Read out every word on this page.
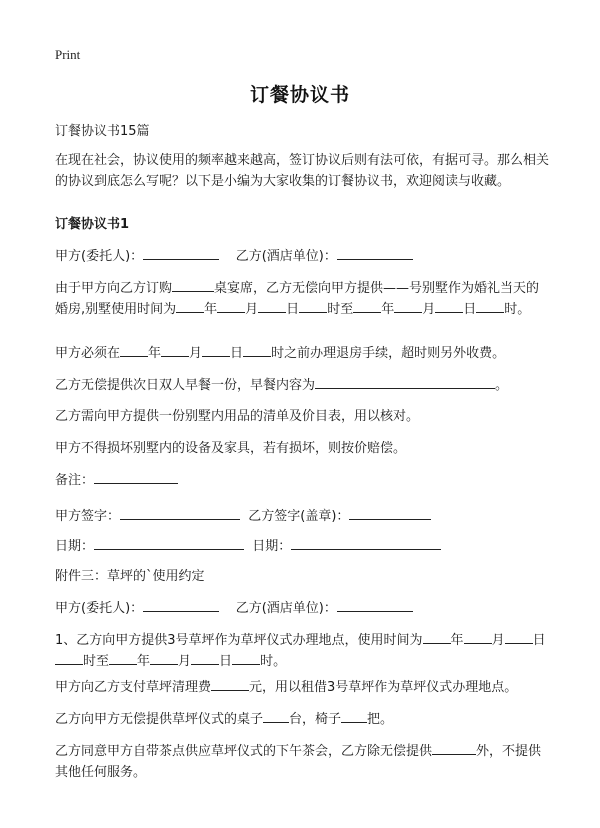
Print
订餐协议书

订餐协议书15篇

在现在社会，协议使用的频率越来越高，签订协议后则有法可依，有据可寻。那么相关的协议到底怎么写呢？以下是小编为大家收集的订餐协议书，欢迎阅读与收藏。

订餐协议书1

甲方(委托人)：	乙方(酒店单位)：

由于甲方向乙方订购	桌宴席，乙方无偿向甲方提供——号别墅作为婚礼当天的婚房,别墅使用时间为 年 月 日 时至 年 月 日 时。

甲方必须在 年 月 日 时之前办理退房手续，超时则另外收费。

乙方无偿提供次日双人早餐一份，早餐内容为	。

乙方需向甲方提供一份别墅内用品的清单及价目表，用以核对。

甲方不得损坏别墅内的设备及家具，若有损坏，则按价赔偿。

备注：

甲方签字：	乙方签字(盖章)：

日期：	日期：

附件三：草坪的`使用约定

甲方(委托人)：	乙方(酒店单位)：

1、乙方向甲方提供3号草坪作为草坪仪式办理地点，使用时间为 年 月 日时至 年 月 日 时。

甲方向乙方支付草坪清理费	元，用以租借3号草坪作为草坪仪式办理地点。

乙方向甲方无偿提供草坪仪式的桌子 台，椅子 把。

乙方同意甲方自带茶点供应草坪仪式的下午茶会，乙方除无偿提供	外，不提供其他任何服务。
